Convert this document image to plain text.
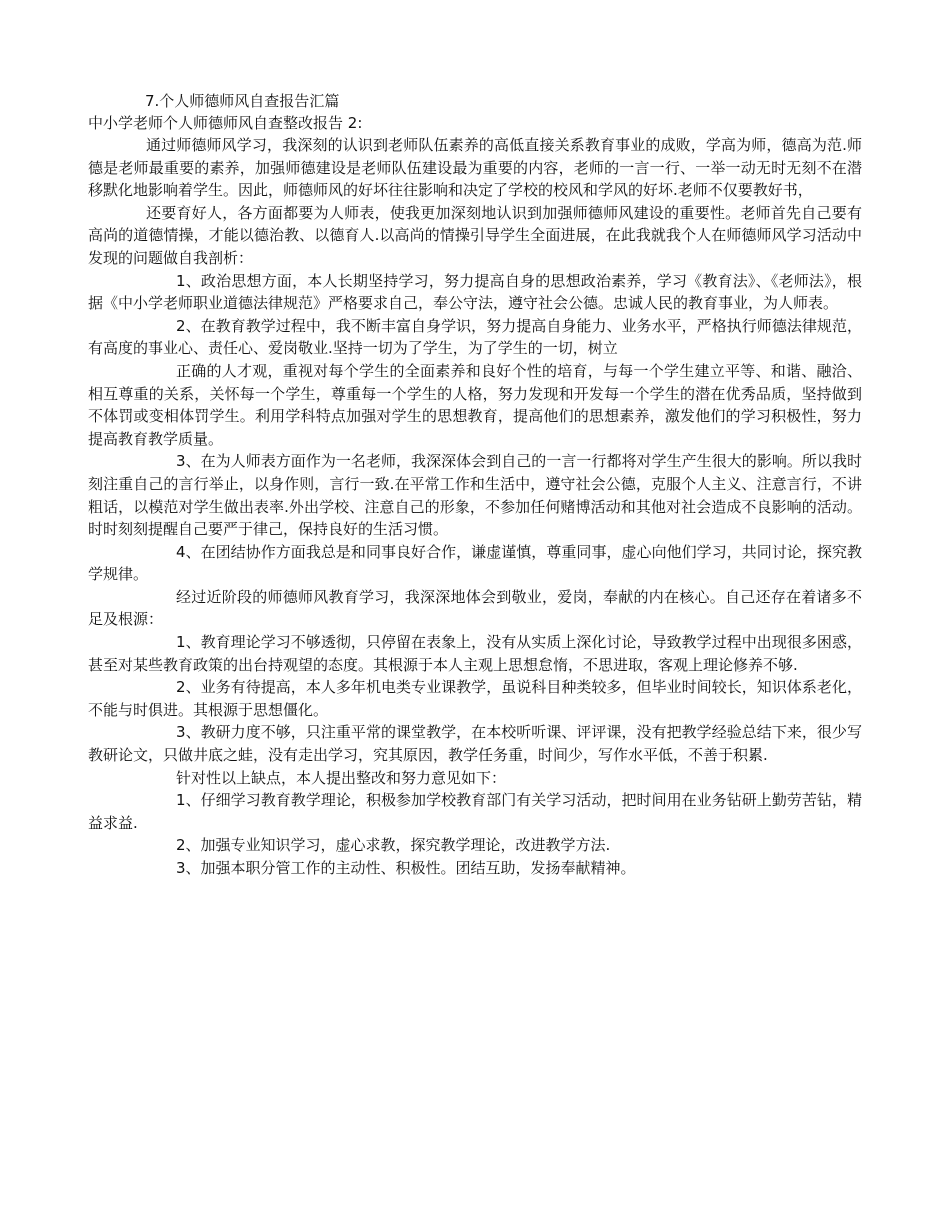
7.个人师德师风自查报告汇篇
中小学老师个人师德师风自查整改报告 2:

通过师德师风学习，我深刻的认识到老师队伍素养的高低直接关系教育事业的成败，学高为师，德高为范.师德是老师最重要的素养，加强师德建设是老师队伍建设最为重要的内容，老师的一言一行、一举一动无时无刻不在潜移默化地影响着学生。因此，师德师风的好坏往往影响和决定了学校的校风和学风的好坏.老师不仅要教好书，

还要育好人，各方面都要为人师表，使我更加深刻地认识到加强师德师风建设的重要性。老师首先自己要有高尚的道德情操，才能以德治教、以德育人.以高尚的情操引导学生全面进展，在此我就我个人在师德师风学习活动中发现的问题做自我剖析：

1、政治思想方面，本人长期坚持学习，努力提高自身的思想政治素养，学习《教育法》、《老师法》，根据《中小学老师职业道德法律规范》严格要求自己，奉公守法，遵守社会公德。忠诚人民的教育事业，为人师表。

2、在教育教学过程中，我不断丰富自身学识，努力提高自身能力、业务水平，严格执行师德法律规范，有高度的事业心、责任心、爱岗敬业.坚持一切为了学生，为了学生的一切，树立

正确的人才观，重视对每个学生的全面素养和良好个性的培育，与每一个学生建立平等、和谐、融洽、相互尊重的关系，关怀每一个学生，尊重每一个学生的人格，努力发现和开发每一个学生的潜在优秀品质，坚持做到不体罚或变相体罚学生。利用学科特点加强对学生的思想教育，提高他们的思想素养，激发他们的学习积极性，努力提高教育教学质量。

3、在为人师表方面作为一名老师，我深深体会到自己的一言一行都将对学生产生很大的影响。所以我时刻注重自己的言行举止，以身作则，言行一致.在平常工作和生活中，遵守社会公德，克服个人主义、注意言行，不讲粗话，以模范对学生做出表率.外出学校、注意自己的形象，不参加任何赌博活动和其他对社会造成不良影响的活动。时时刻刻提醒自己要严于律己，保持良好的生活习惯。

4、在团结协作方面我总是和同事良好合作，谦虚谨慎，尊重同事，虚心向他们学习，共同讨论，探究教学规律。

经过近阶段的师德师风教育学习，我深深地体会到敬业，爱岗，奉献的内在核心。自己还存在着诸多不足及根源：

1、教育理论学习不够透彻，只停留在表象上，没有从实质上深化讨论，导致教学过程中出现很多困惑，甚至对某些教育政策的出台持观望的态度。其根源于本人主观上思想怠惰，不思进取，客观上理论修养不够.

2、业务有待提高，本人多年机电类专业课教学，虽说科目种类较多，但毕业时间较长，知识体系老化，不能与时俱进。其根源于思想僵化。

3、教研力度不够，只注重平常的课堂教学，在本校听听课、评评课，没有把教学经验总结下来，很少写教研论文，只做井底之蛙，没有走出学习，究其原因，教学任务重，时间少，写作水平低，不善于积累.

针对性以上缺点，本人提出整改和努力意见如下：

1、仔细学习教育教学理论，积极参加学校教育部门有关学习活动，把时间用在业务钻研上勤劳苦钻，精益求益.

2、加强专业知识学习，虚心求教，探究教学理论，改进教学方法.

3、加强本职分管工作的主动性、积极性。团结互助，发扬奉献精神。
